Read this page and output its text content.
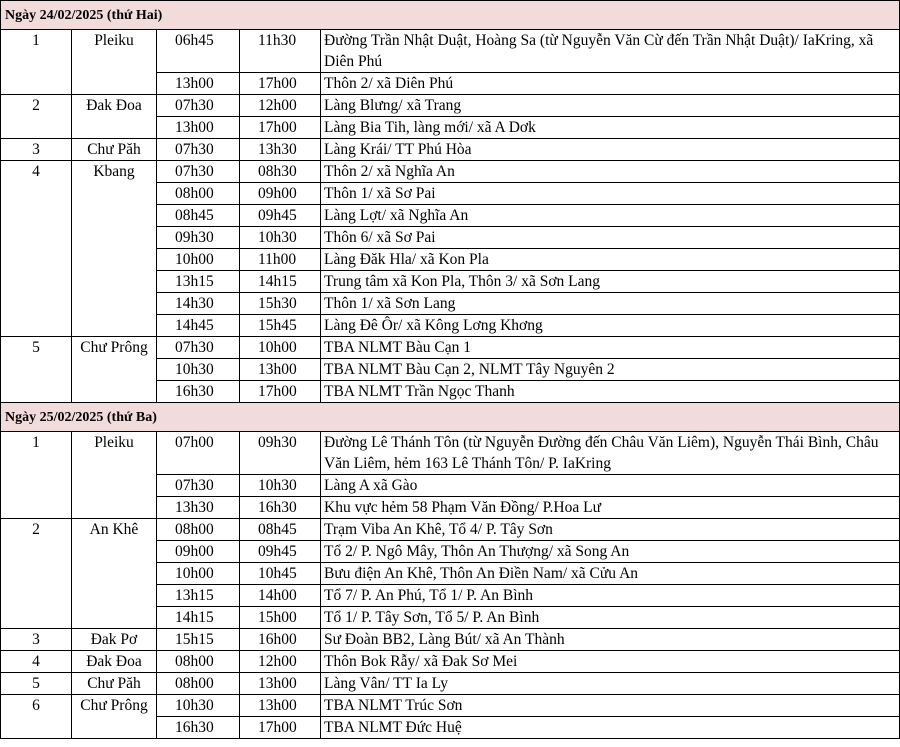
Ngày 24/02/2025 (thứ Hai)				
1	Pleiku	06h45	11h30	Đường Trần Nhật Duật, Hoàng Sa (từ Nguyễn Văn Cừ đến Trần Nhật Duật)/ IaKring, xã Diên Phú
		13h00	17h00	Thôn 2/ xã Diên Phú
2	Đak Đoa	07h30	12h00	Làng Blưng/ xã Trang
		13h00	17h00	Làng Bia Tih, làng mới/ xã A Dơk
3	Chư Păh	07h30	13h30	Làng Krái/ TT Phú Hòa
4	Kbang	07h30	08h30	Thôn 2/ xã Nghĩa An
		08h00	09h00	Thôn 1/ xã Sơ Pai
		08h45	09h45	Làng Lợt/ xã Nghĩa An
		09h30	10h30	Thôn 6/ xã Sơ Pai
		10h00	11h00	Làng Đăk Hla/ xã Kon Pla
		13h15	14h15	Trung tâm xã Kon Pla, Thôn 3/ xã Sơn Lang
		14h30	15h30	Thôn 1/ xã Sơn Lang
		14h45	15h45	Làng Đê Ôr/ xã Kông Lơng Khơng
5	Chư Prông	07h30	10h00	TBA NLMT Bàu Cạn 1
		10h30	13h00	TBA NLMT Bàu Cạn 2, NLMT Tây Nguyên 2
		16h30	17h00	TBA NLMT Trần Ngọc Thanh
Ngày 25/02/2025 (thứ Ba)				
1	Pleiku	07h00	09h30	Đường Lê Thánh Tôn (từ Nguyễn Đường đến Châu Văn Liêm), Nguyễn Thái Bình, Châu Văn Liêm, hẻm 163 Lê Thánh Tôn/ P. IaKring
		07h30	10h30	Làng A xã Gào
		13h30	16h30	Khu vực hẻm 58 Phạm Văn Đồng/ P.Hoa Lư
2	An Khê	08h00	08h45	Trạm Viba An Khê, Tổ 4/ P. Tây Sơn
		09h00	09h45	Tổ 2/ P. Ngô Mây, Thôn An Thượng/ xã Song An
		10h00	10h45	Bưu điện An Khê, Thôn An Điền Nam/ xã Cửu An
		13h15	14h00	Tổ 7/ P. An Phú, Tổ 1/ P. An Bình
		14h15	15h00	Tổ 1/ P. Tây Sơn, Tổ 5/ P. An Bình
3	Đak Pơ	15h15	16h00	Sư Đoàn BB2, Làng Bút/ xã An Thành
4	Đak Đoa	08h00	12h00	Thôn Bok Rẫy/ xã Đak Sơ Mei
5	Chư Păh	08h00	13h00	Làng Vân/ TT Ia Ly
6	Chư Prông	10h30	13h00	TBA NLMT Trúc Sơn
		16h30	17h00	TBA NLMT Đức Huệ
